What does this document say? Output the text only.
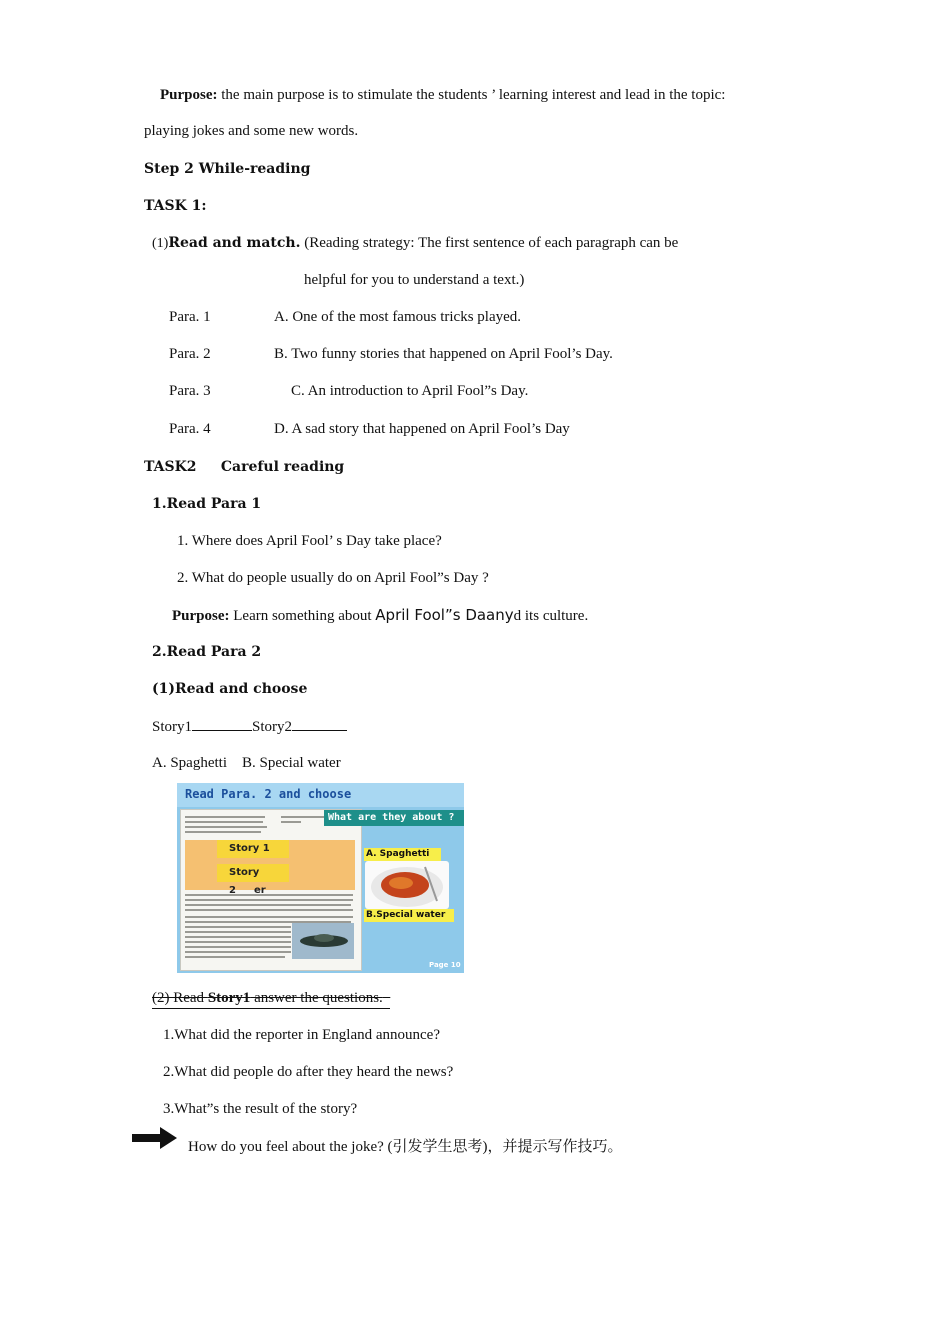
Purpose: the main purpose is to stimulate the students ’ learning interest and lead in the topic:
playing jokes and some new words.
Step 2 While-reading
TASK 1:
(1)Read and match. (Reading strategy: The first sentence of each paragraph can be
helpful for you to understand a text.)
Para. 1	A. One of the most famous tricks played.
Para. 2	B. Two funny stories that happened on April Fool’s Day.
Para. 3	C. An introduction to April Fool”s Day.
Para. 4	D. A sad story that happened on April Fool’s Day
TASK2     Careful reading
1.Read Para 1
1. Where does April Fool’ s Day take place?
2. What do people usually do on April Fool”s Day ?
Purpose: Learn something about April Fool”s Daanyd its culture.
2.Read Para 2
(1)Read and choose
Story1	Story2
A. Spaghetti    B. Special water
Read Para. 2 and choose
Story 1
Story 2 er
What are they about ?
A. Spaghetti
B.Special water
Page 10
(2) Read Story1 answer the questions.
1.What did the reporter in England announce?
2.What did people do after they heard the news?
3.What”s the result of the story?
How do you feel about the joke? (引发学生思考)，并提示写作技巧。
